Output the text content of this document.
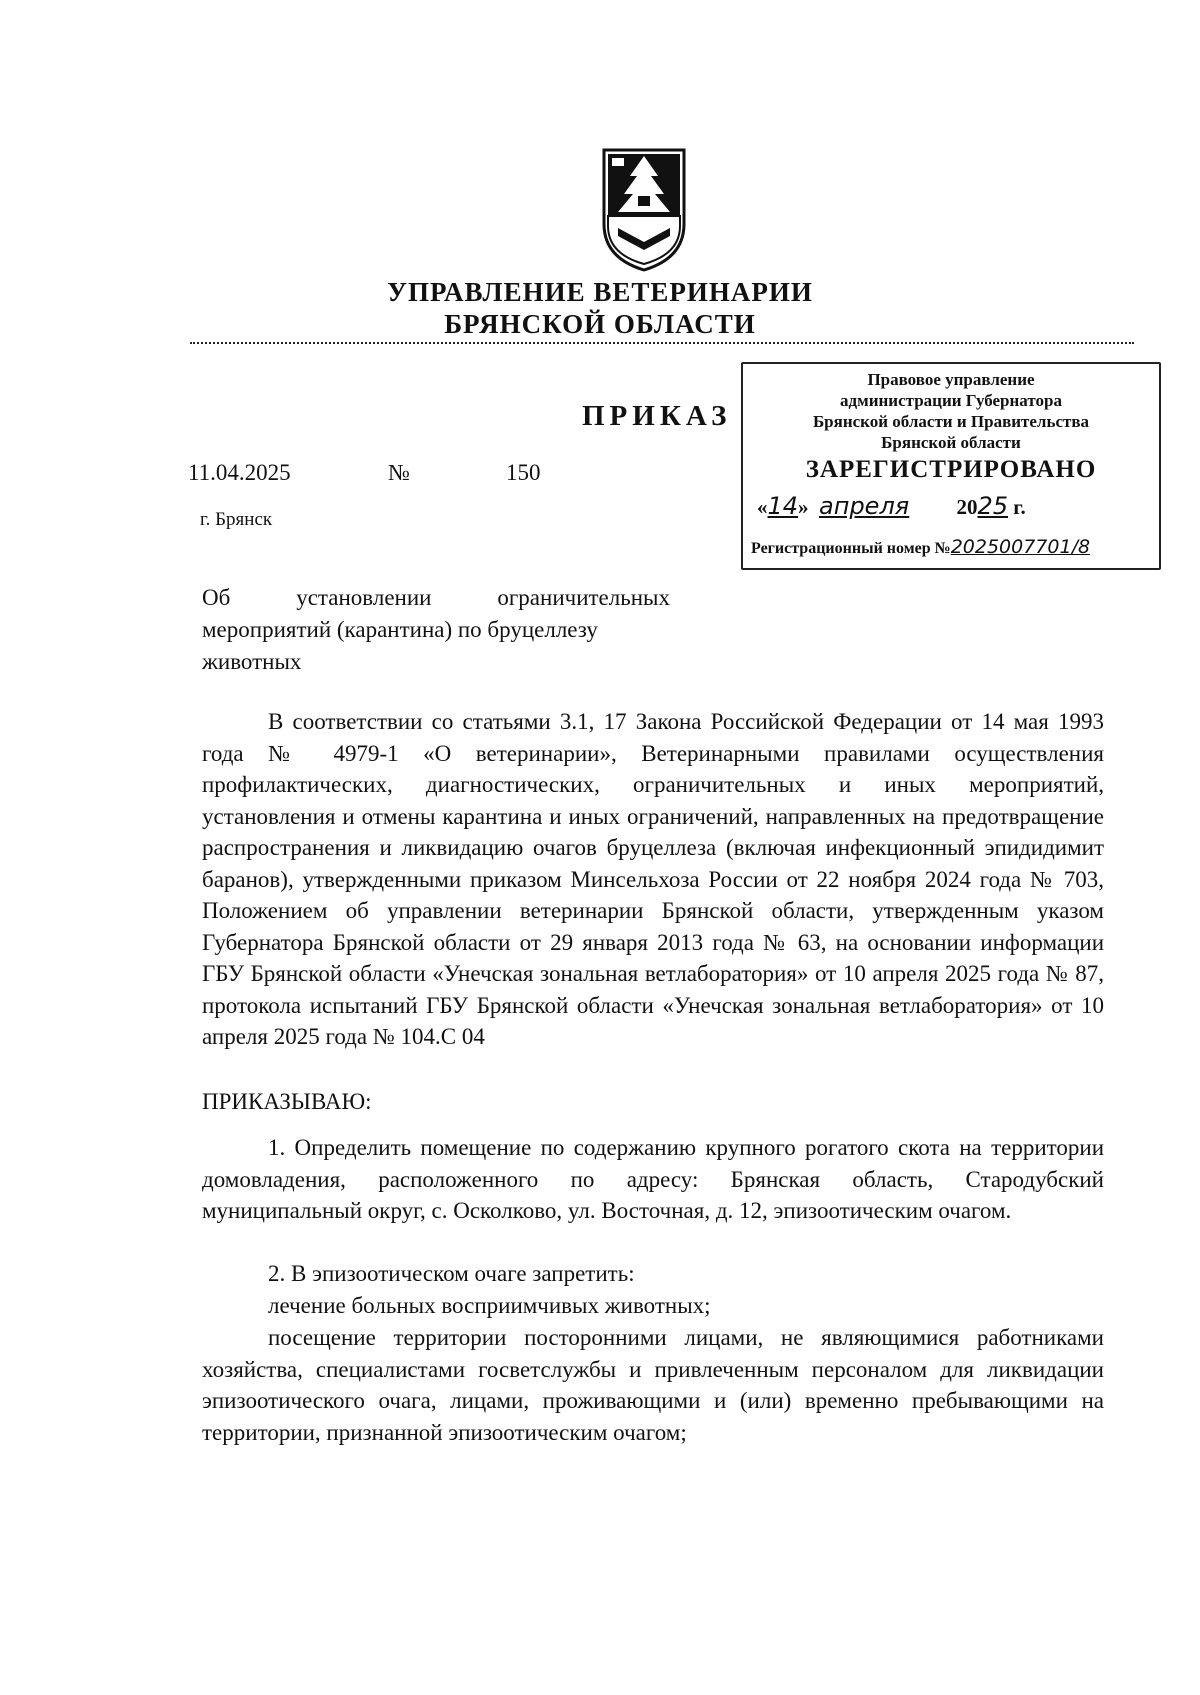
УПРАВЛЕНИЕ ВЕТЕРИНАРИИ
БРЯНСКОЙ ОБЛАСТИ
ПРИКАЗ
11.04.2025	№	150
г. Брянск
Правовое управление
администрации Губернатора
Брянской области и Правительства
Брянской области
ЗАРЕГИСТРИРОВАНО
«14»  апреля 2025 г.
Регистрационный номер №2025007701/8
Об установлении ограничительных
мероприятий (карантина) по бруцеллезу
животных
В соответствии со статьями 3.1, 17 Закона Российской Федерации от 14 мая 1993 года № 4979-1 «О ветеринарии», Ветеринарными правилами осуществления профилактических, диагностических, ограничительных и иных мероприятий, установления и отмены карантина и иных ограничений, направленных на предотвращение распространения и ликвидацию очагов бруцеллеза (включая инфекционный эпидидимит баранов), утвержденными приказом Минсельхоза России от 22 ноября 2024 года № 703, Положением об управлении ветеринарии Брянской области, утвержденным указом Губернатора Брянской области от 29 января 2013 года № 63, на основании информации ГБУ Брянской области «Унечская зональная ветлаборатория» от 10 апреля 2025 года № 87, протокола испытаний ГБУ Брянской области «Унечская зональная ветлаборатория» от 10 апреля 2025 года № 104.С 04
ПРИКАЗЫВАЮ:
1. Определить помещение по содержанию крупного рогатого скота на территории домовладения, расположенного по адресу: Брянская область, Стародубский муниципальный округ, с. Осколково, ул. Восточная, д. 12, эпизоотическим очагом.
2. В эпизоотическом очаге запретить:
лечение больных восприимчивых животных;
посещение территории посторонними лицами, не являющимися работниками хозяйства, специалистами госветслужбы и привлеченным персоналом для ликвидации эпизоотического очага, лицами, проживающими и (или) временно пребывающими на территории, признанной эпизоотическим очагом;
